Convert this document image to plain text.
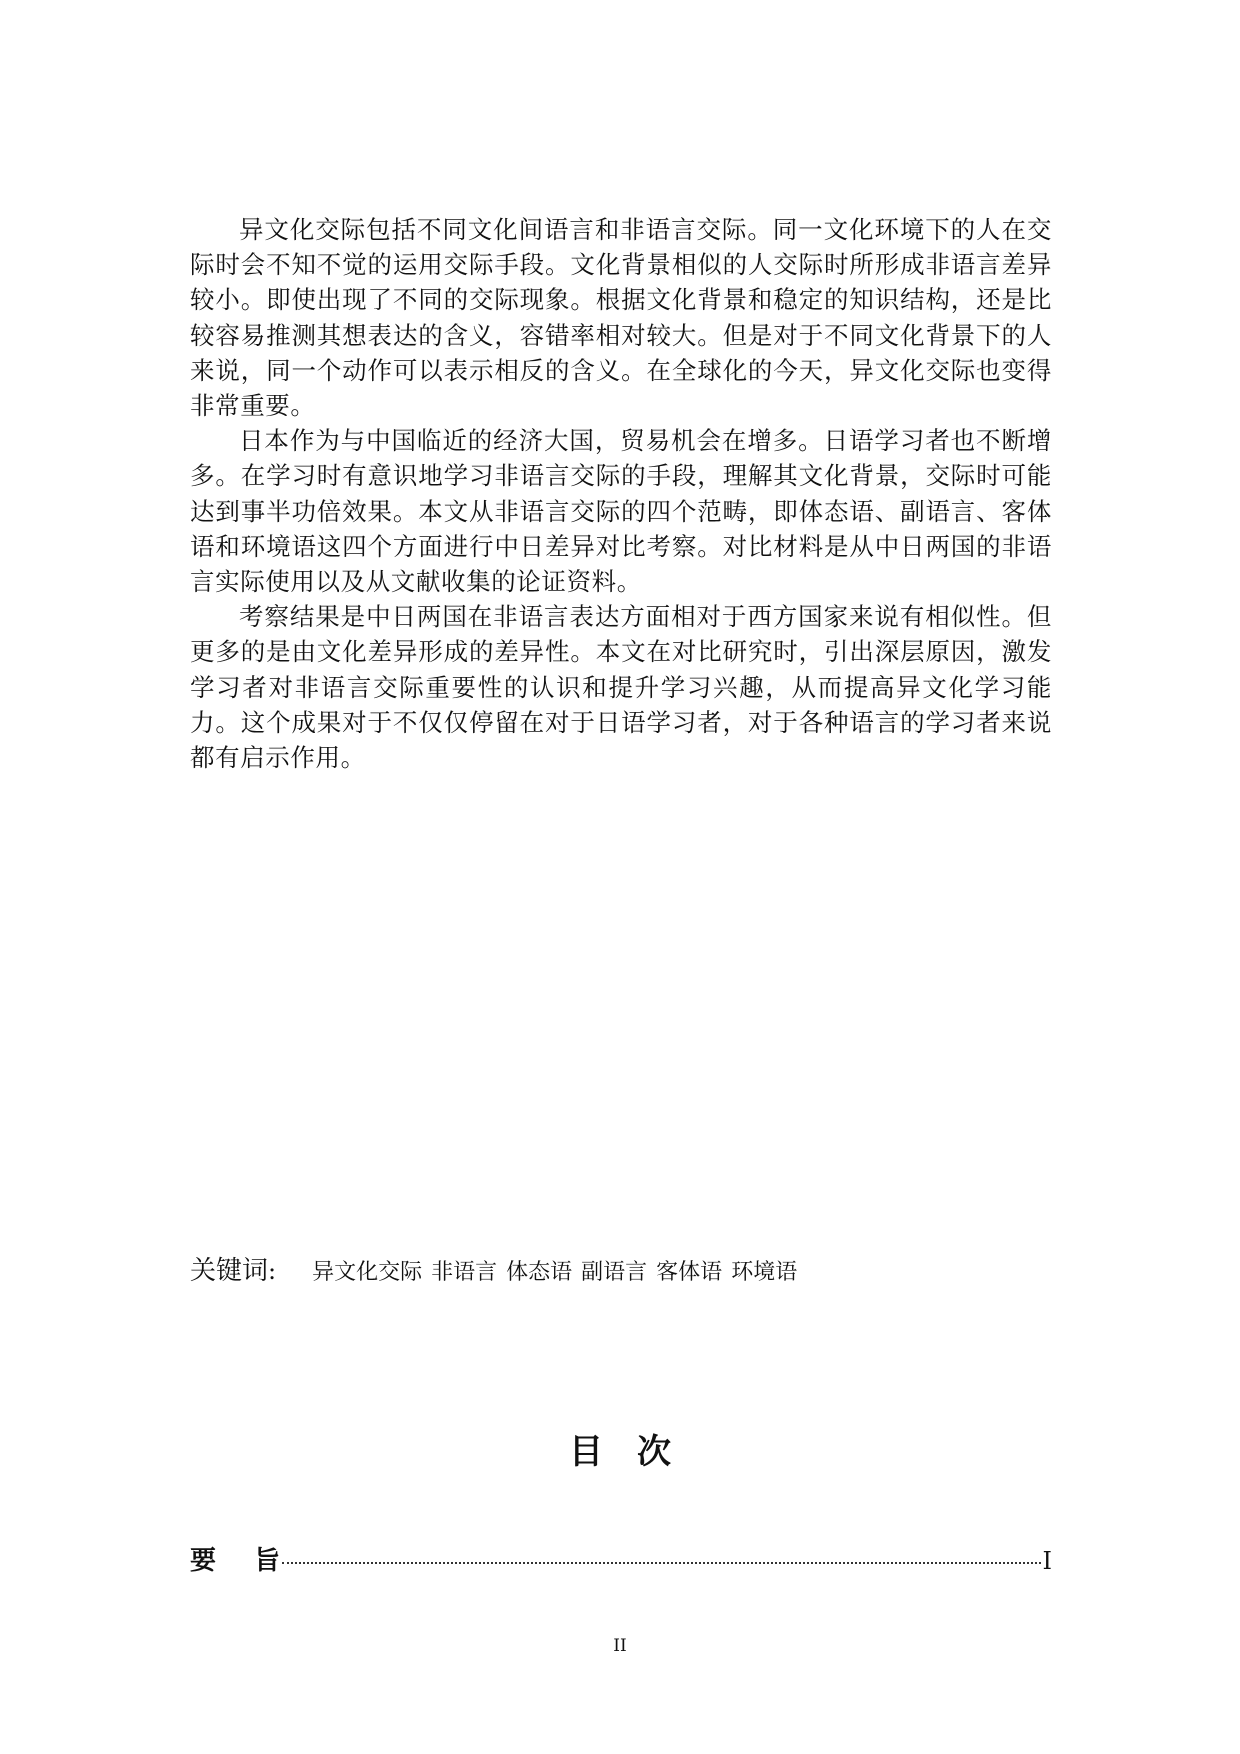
异文化交际包括不同文化间语言和非语言交际。同一文化环境下的人在交际时会不知不觉的运用交际手段。文化背景相似的人交际时所形成非语言差异较小。即使出现了不同的交际现象。根据文化背景和稳定的知识结构，还是比较容易推测其想表达的含义，容错率相对较大。但是对于不同文化背景下的人来说，同一个动作可以表示相反的含义。在全球化的今天，异文化交际也变得非常重要。

日本作为与中国临近的经济大国，贸易机会在增多。日语学习者也不断增多。在学习时有意识地学习非语言交际的手段，理解其文化背景，交际时可能达到事半功倍效果。本文从非语言交际的四个范畴，即体态语、副语言、客体语和环境语这四个方面进行中日差异对比考察。对比材料是从中日两国的非语言实际使用以及从文献收集的论证资料。

考察结果是中日两国在非语言表达方面相对于西方国家来说有相似性。但更多的是由文化差异形成的差异性。本文在对比研究时，引出深层原因，激发学习者对非语言交际重要性的认识和提升学习兴趣，从而提高异文化学习能力。这个成果对于不仅仅停留在对于日语学习者，对于各种语言的学习者来说都有启示作用。

关键词: 异文化交际 非语言 体态语 副语言 客体语 环境语
目次
要 旨	I
II
